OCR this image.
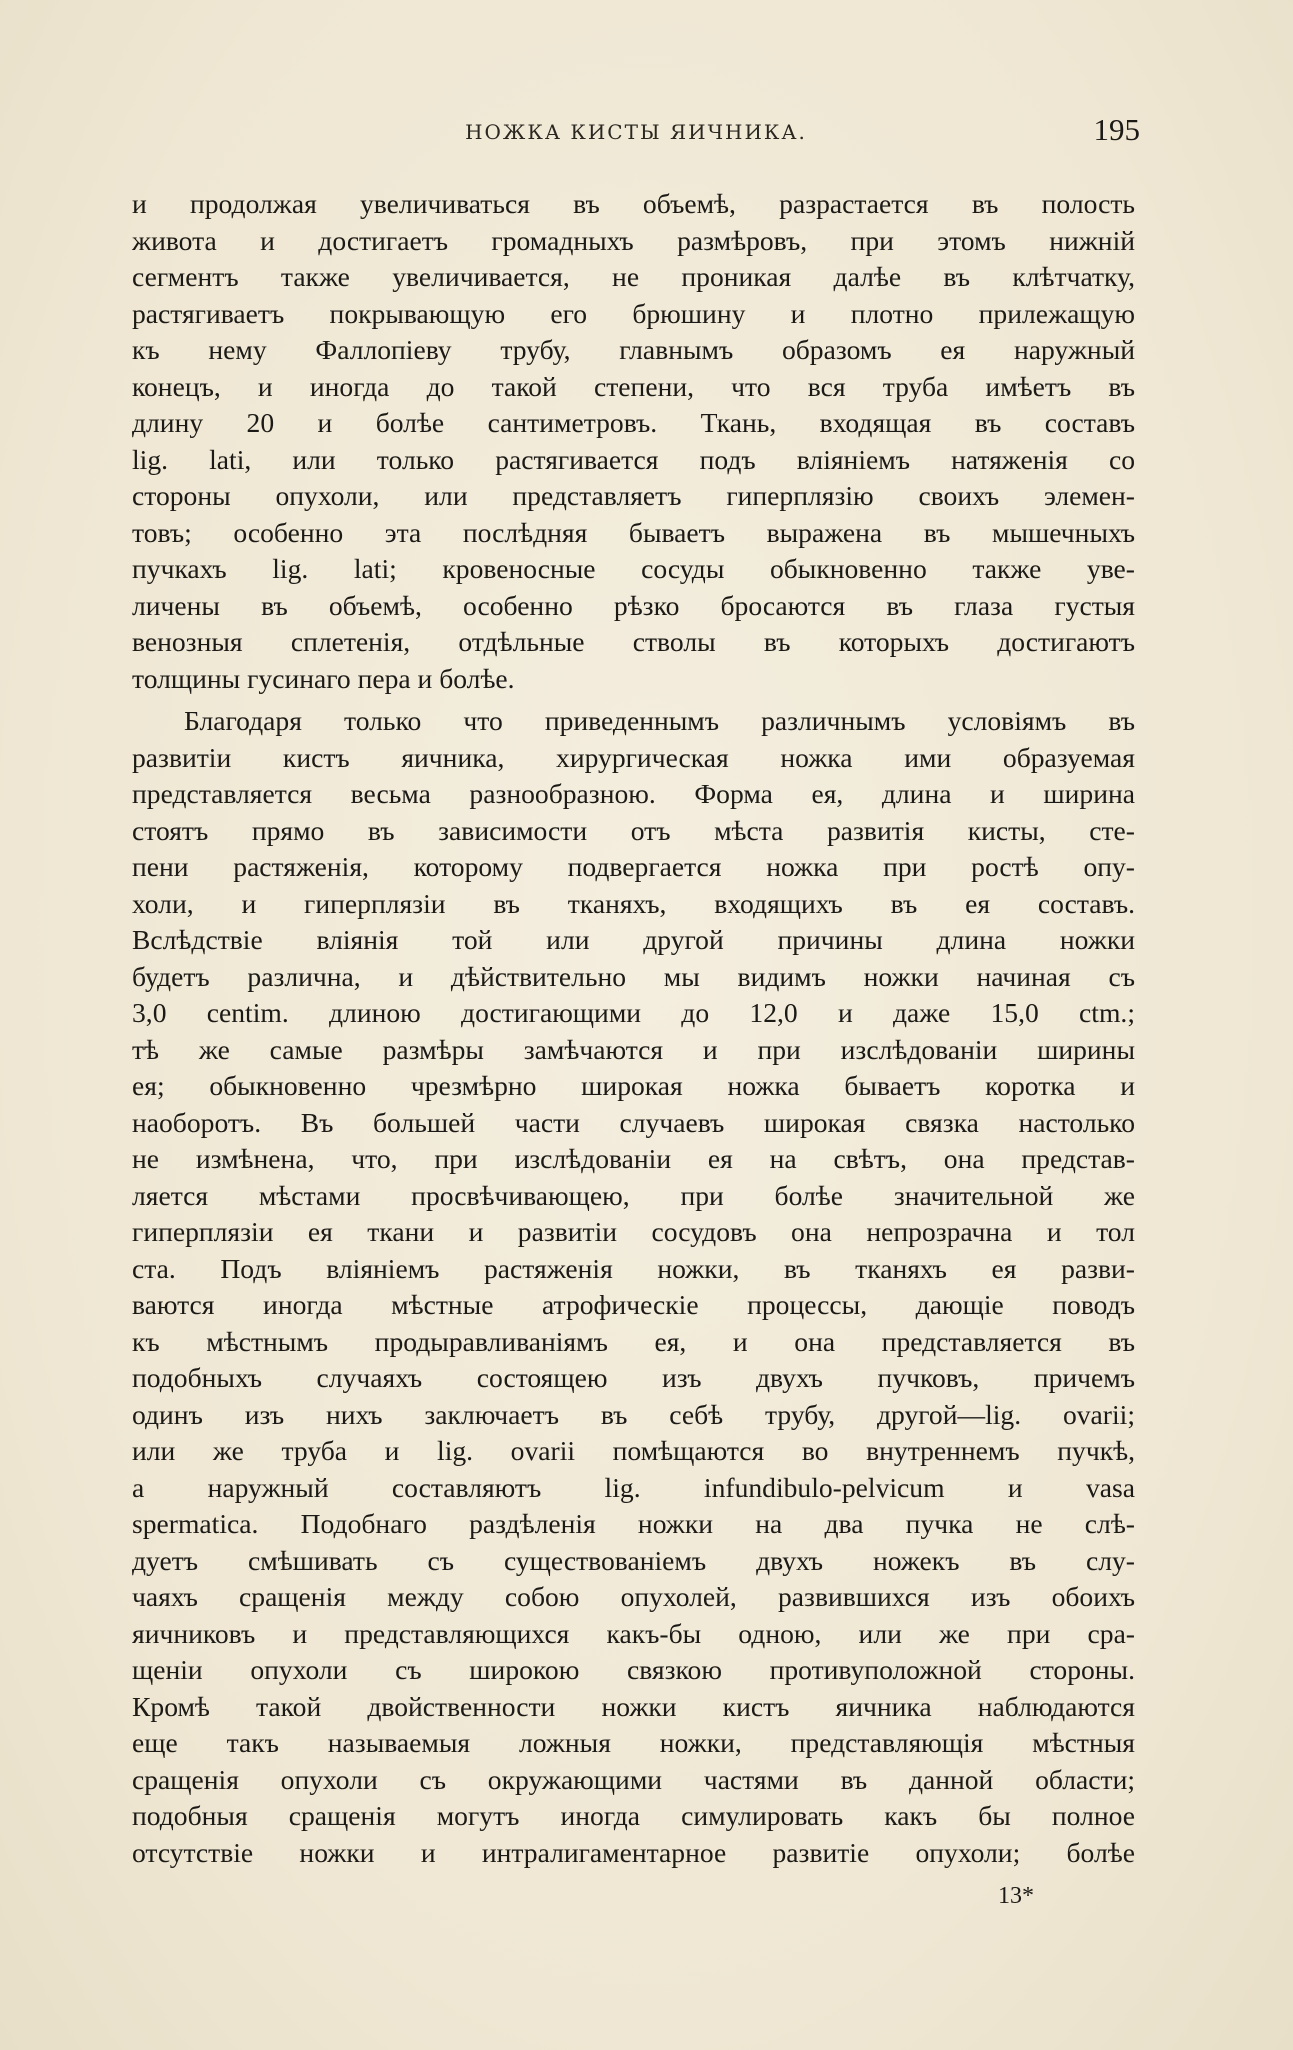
НОЖКА КИСТЫ ЯИЧНИКА.	195
и продолжая увеличиваться въ объемѣ, разрастается въ полость
живота и достигаетъ громадныхъ размѣровъ, при этомъ нижнiй
сегментъ также увеличивается, не проникая далѣе въ клѣтчатку,
растягиваетъ покрывающую его брюшину и плотно прилежащую
къ нему Фаллопiеву трубу, главнымъ образомъ ея наружный
конецъ, и иногда до такой степени, что вся труба имѣетъ въ
длину 20 и болѣе сантиметровъ. Ткань, входящая въ составъ
lig. lati, или только растягивается подъ влiянiемъ натяженiя со
стороны опухоли, или представляетъ гиперплязiю своихъ элемен-
товъ; особенно эта послѣдняя бываетъ выражена въ мышечныхъ
пучкахъ lig. lati; кровеносные сосуды обыкновенно также уве-
личены въ объемѣ, особенно рѣзко бросаются въ глаза густыя
венозныя сплетенiя, отдѣльные стволы въ которыхъ достигаютъ
толщины гусинаго пера и болѣе.
Благодаря только что приведеннымъ различнымъ условiямъ въ
развитiи кистъ яичника, хирургическая ножка ими образуемая
представляется весьма разнообразною. Форма ея, длина и ширина
стоятъ прямо въ зависимости отъ мѣста развитiя кисты, сте-
пени растяженiя, которому подвергается ножка при ростѣ опу-
холи, и гиперплязiи въ тканяхъ, входящихъ въ ея составъ.
Вслѣдствiе влiянiя той или другой причины длина ножки
будетъ различна, и дѣйствительно мы видимъ ножки начиная съ
3,0 centim. длиною достигающими до 12,0 и даже 15,0 ctm.;
тѣ же самые размѣры замѣчаются и при изслѣдованiи ширины
ея; обыкновенно чрезмѣрно широкая ножка бываетъ коротка и
наоборотъ. Въ большей части случаевъ широкая связка настолько
не измѣнена, что, при изслѣдованiи ея на свѣтъ, она представ-
ляется мѣстами просвѣчивающею, при болѣе значительной же
гиперплязiи ея ткани и развитiи сосудовъ она непрозрачна и тол
ста. Подъ влiянiемъ растяженiя ножки, въ тканяхъ ея разви-
ваются иногда мѣстные атрофическiе процессы, дающiе поводъ
къ мѣстнымъ продыравливанiямъ ея, и она представляется въ
подобныхъ случаяхъ состоящею изъ двухъ пучковъ, причемъ
одинъ изъ нихъ заключаетъ въ себѣ трубу, другой—lig. ovarii;
или же труба и lig. ovarii помѣщаются во внутреннемъ пучкѣ,
а наружный составляютъ lig. infundibulo-pelvicum и vasa
spermatica. Подобнаго раздѣленiя ножки на два пучка не слѣ-
дуетъ смѣшивать съ существованiемъ двухъ ножекъ въ слу-
чаяхъ сращенiя между собою опухолей, развившихся изъ обоихъ
яичниковъ и представляющихся какъ-бы одною, или же при сра-
щенiи опухоли съ широкою связкою противуположной стороны.
Кромѣ такой двойственности ножки кистъ яичника наблюдаются
еще такъ называемыя ложныя ножки, представляющiя мѣстныя
сращенiя опухоли съ окружающими частями въ данной области;
подобныя сращенiя могутъ иногда симулировать какъ бы полное
отсутствiе ножки и интралигаментарное развитiе опухоли; болѣе
13*
